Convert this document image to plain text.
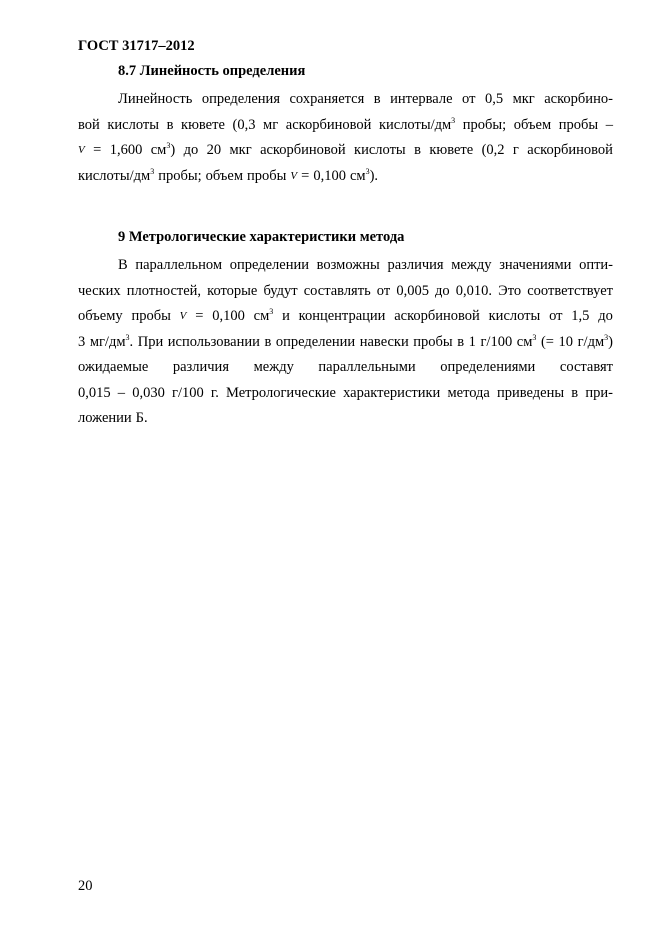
ГОСТ 31717–2012
8.7 Линейность определения
Линейность определения сохраняется в интервале от 0,5 мкг аскорбино-
вой кислоты в кювете (0,3 мг аскорбиновой кислоты/$дм^3$ пробы; объем пробы –
V = 1,600 $см^3$) до 20 мкг аскорбиновой кислоты в кювете (0,2 г аскорбиновой
кислоты/$дм^3$ пробы; объем пробы V = 0,100 $см^3$).
9 Метрологические характеристики метода
В параллельном определении возможны различия между значениями опти-
ческих плотностей, которые будут составлять от 0,005 до 0,010. Это соответствует
объему пробы V = 0,100 $см^3$ и концентрации аскорбиновой кислоты от 1,5 до
3 $мг/дм^3$. При использовании в определении навески пробы в 1 г/100 $см^3$ (= 10 $г/дм^3$)
ожидаемые различия между параллельными определениями составят
0,015 – 0,030 г/100 г. Метрологические характеристики метода приведены в при-
ложении Б.
20
